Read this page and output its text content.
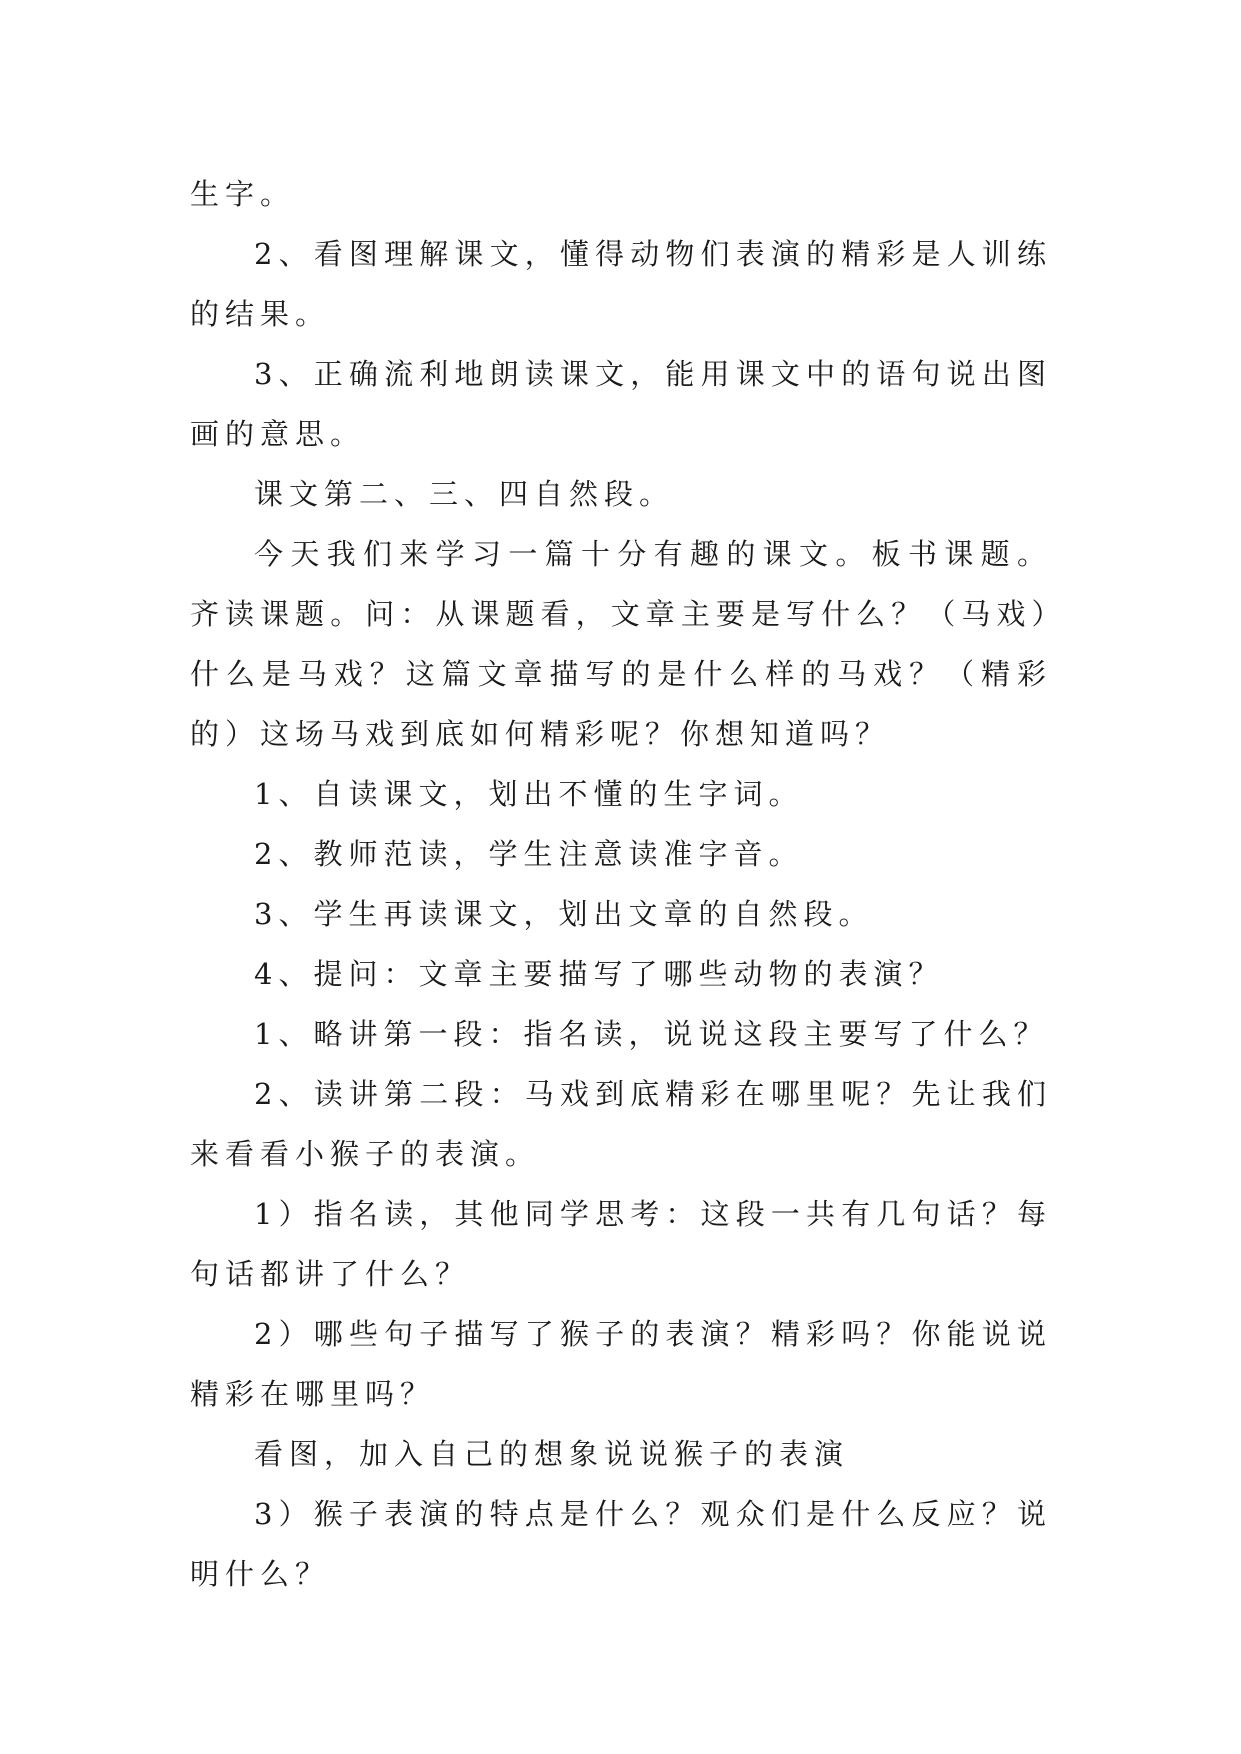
生字。

2、看图理解课文，懂得动物们表演的精彩是人训练的结果。

3、正确流利地朗读课文，能用课文中的语句说出图画的意思。

课文第二、三、四自然段。

今天我们来学习一篇十分有趣的课文。板书课题。齐读课题。问：从课题看，文章主要是写什么？（马戏）什么是马戏？这篇文章描写的是什么样的马戏？（精彩的）这场马戏到底如何精彩呢？你想知道吗？

1、自读课文，划出不懂的生字词。

2、教师范读，学生注意读准字音。

3、学生再读课文，划出文章的自然段。

4、提问：文章主要描写了哪些动物的表演？

1、略讲第一段：指名读，说说这段主要写了什么？

2、读讲第二段：马戏到底精彩在哪里呢？先让我们来看看小猴子的表演。

1）指名读，其他同学思考：这段一共有几句话？每句话都讲了什么？

2）哪些句子描写了猴子的表演？精彩吗？你能说说精彩在哪里吗？

看图，加入自己的想象说说猴子的表演

3）猴子表演的特点是什么？观众们是什么反应？说明什么？
